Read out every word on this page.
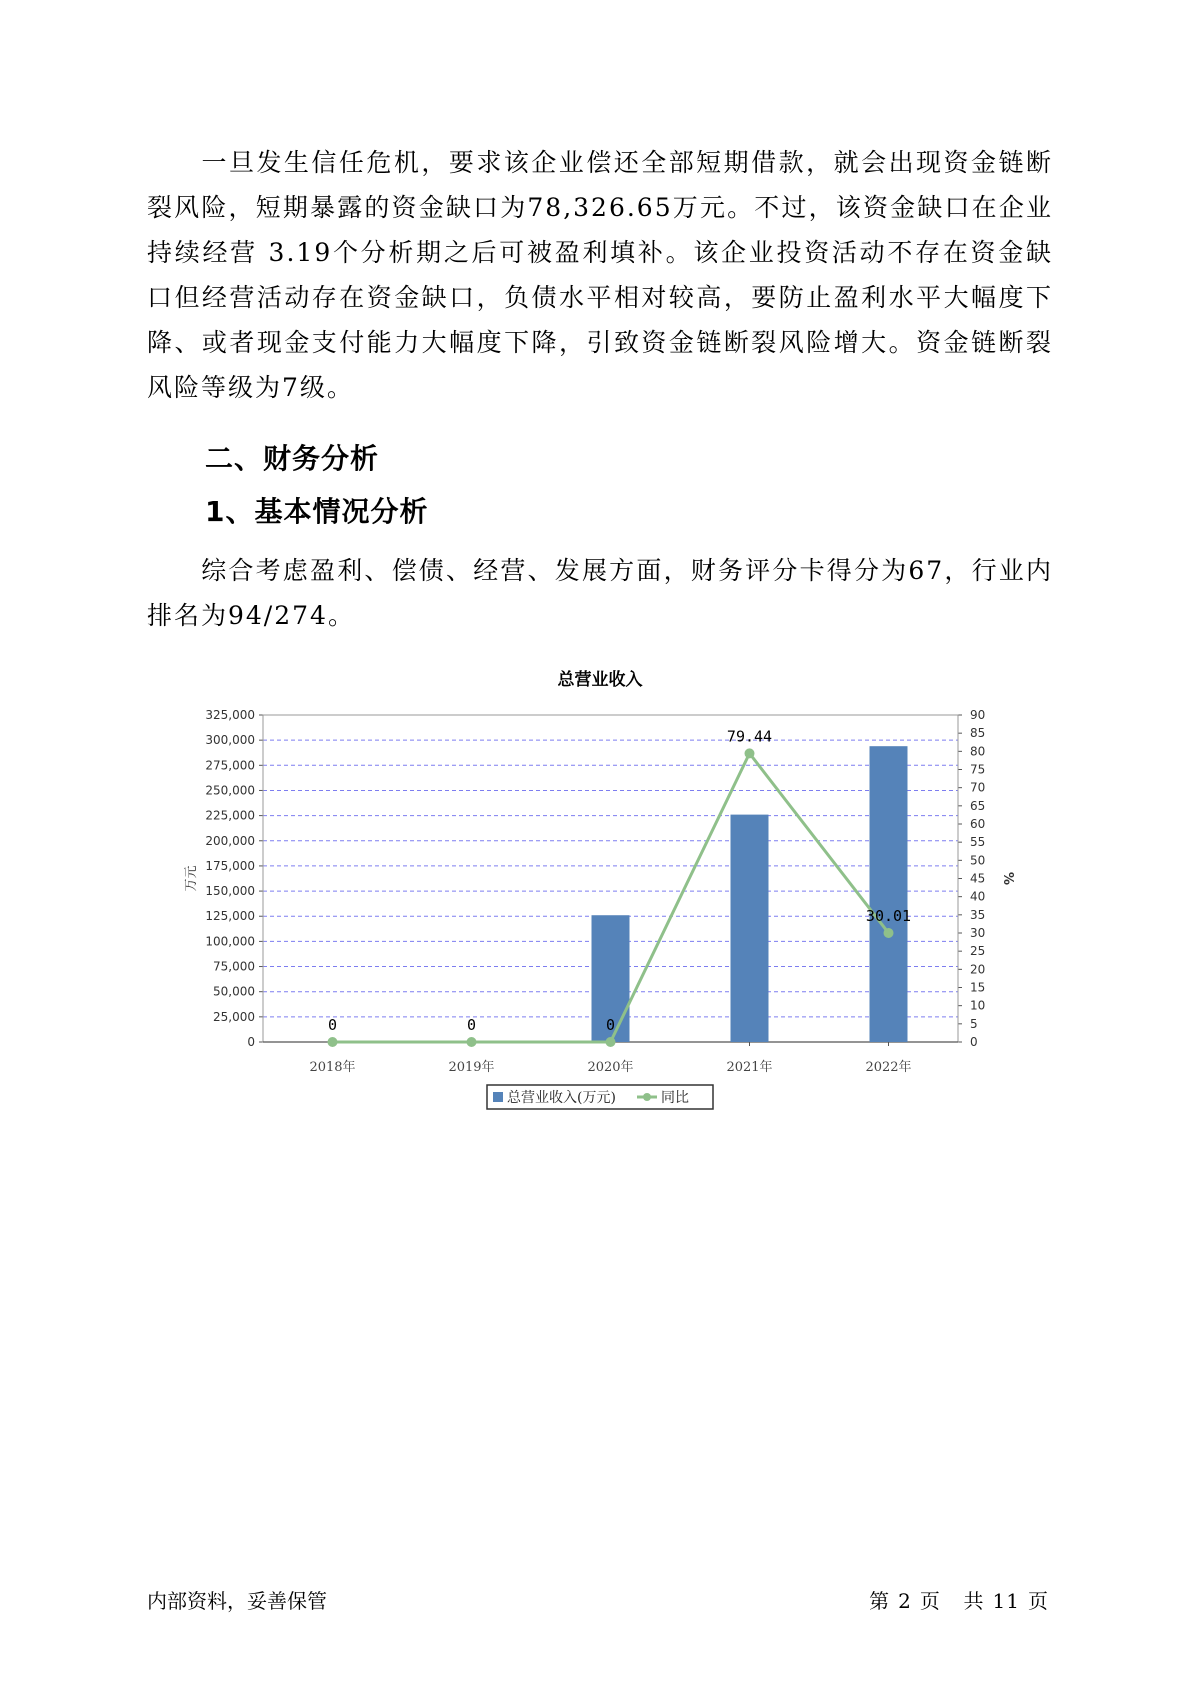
一旦发生信任危机，要求该企业偿还全部短期借款，就会出现资金链断裂风险，短期暴露的资金缺口为78,326.65万元。不过，该资金缺口在企业持续经营 3.19个分析期之后可被盈利填补。该企业投资活动不存在资金缺口但经营活动存在资金缺口，负债水平相对较高，要防止盈利水平大幅度下降、或者现金支付能力大幅度下降，引致资金链断裂风险增大。资金链断裂风险等级为7级。

二、财务分析
1、基本情况分析

综合考虑盈利、偿债、经营、发展方面，财务评分卡得分为67，行业内排名为94/274。

总营业收入
0
25,000
50,000
75,000
100,000
125,000
150,000
175,000
200,000
225,000
250,000
275,000
300,000
325,000
0
5
10
15
20
25
30
35
40
45
50
55
60
65
70
75
80
85
90
万元	%
2018年	2019年	2020年	2021年	2022年
0	0	0
79.44
30.01
总营业收入(万元)	同比
内部资料，妥善保管	第 2 页 共 11 页
